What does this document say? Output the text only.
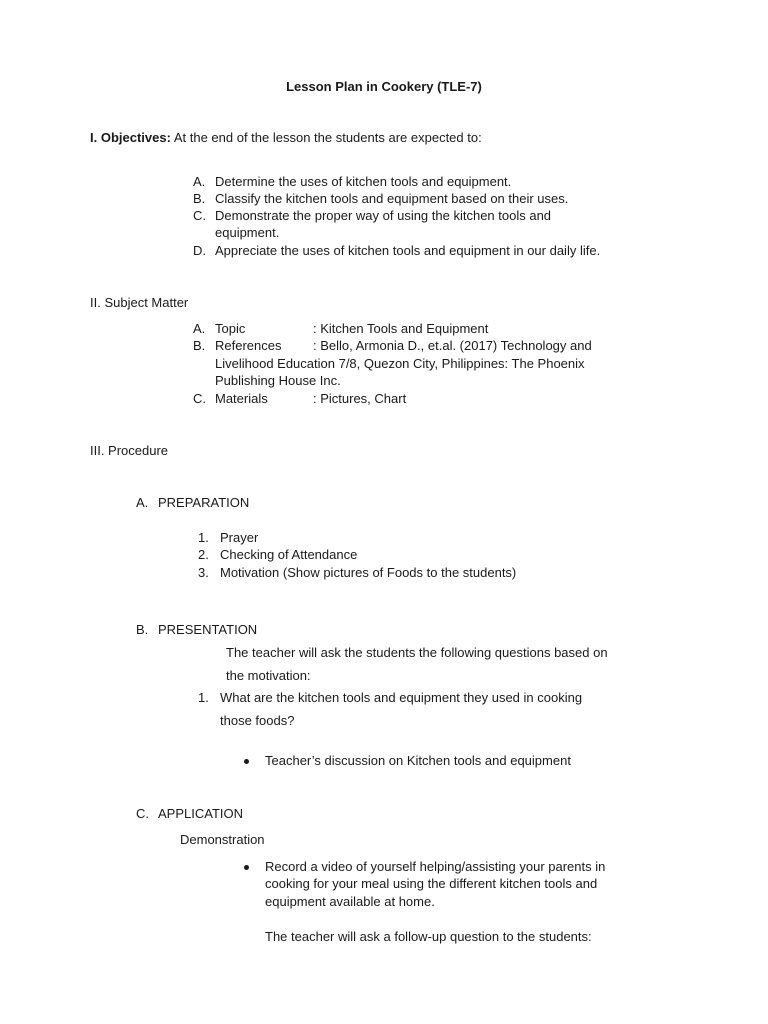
Lesson Plan in Cookery (TLE-7)
I. Objectives: At the end of the lesson the students are expected to:
A. Determine the uses of kitchen tools and equipment.
B. Classify the kitchen tools and equipment based on their uses.
C. Demonstrate the proper way of using the kitchen tools and
equipment.
D. Appreciate the uses of kitchen tools and equipment in our daily life.
II. Subject Matter
A. Topic	: Kitchen Tools and Equipment
B. References : Bello, Armonia D., et.al. (2017) Technology and
Livelihood Education 7/8, Quezon City, Philippines: The Phoenix
Publishing House Inc.
C. Materials	: Pictures, Chart
III. Procedure
A. PREPARATION
1. Prayer
2. Checking of Attendance
3. Motivation (Show pictures of Foods to the students)
B. PRESENTATION
The teacher will ask the students the following questions based on
the motivation:
1. What are the kitchen tools and equipment they used in cooking
those foods?
Teacher’s discussion on Kitchen tools and equipment
C. APPLICATION
Demonstration
Record a video of yourself helping/assisting your parents in
cooking for your meal using the different kitchen tools and
equipment available at home.
The teacher will ask a follow-up question to the students:
